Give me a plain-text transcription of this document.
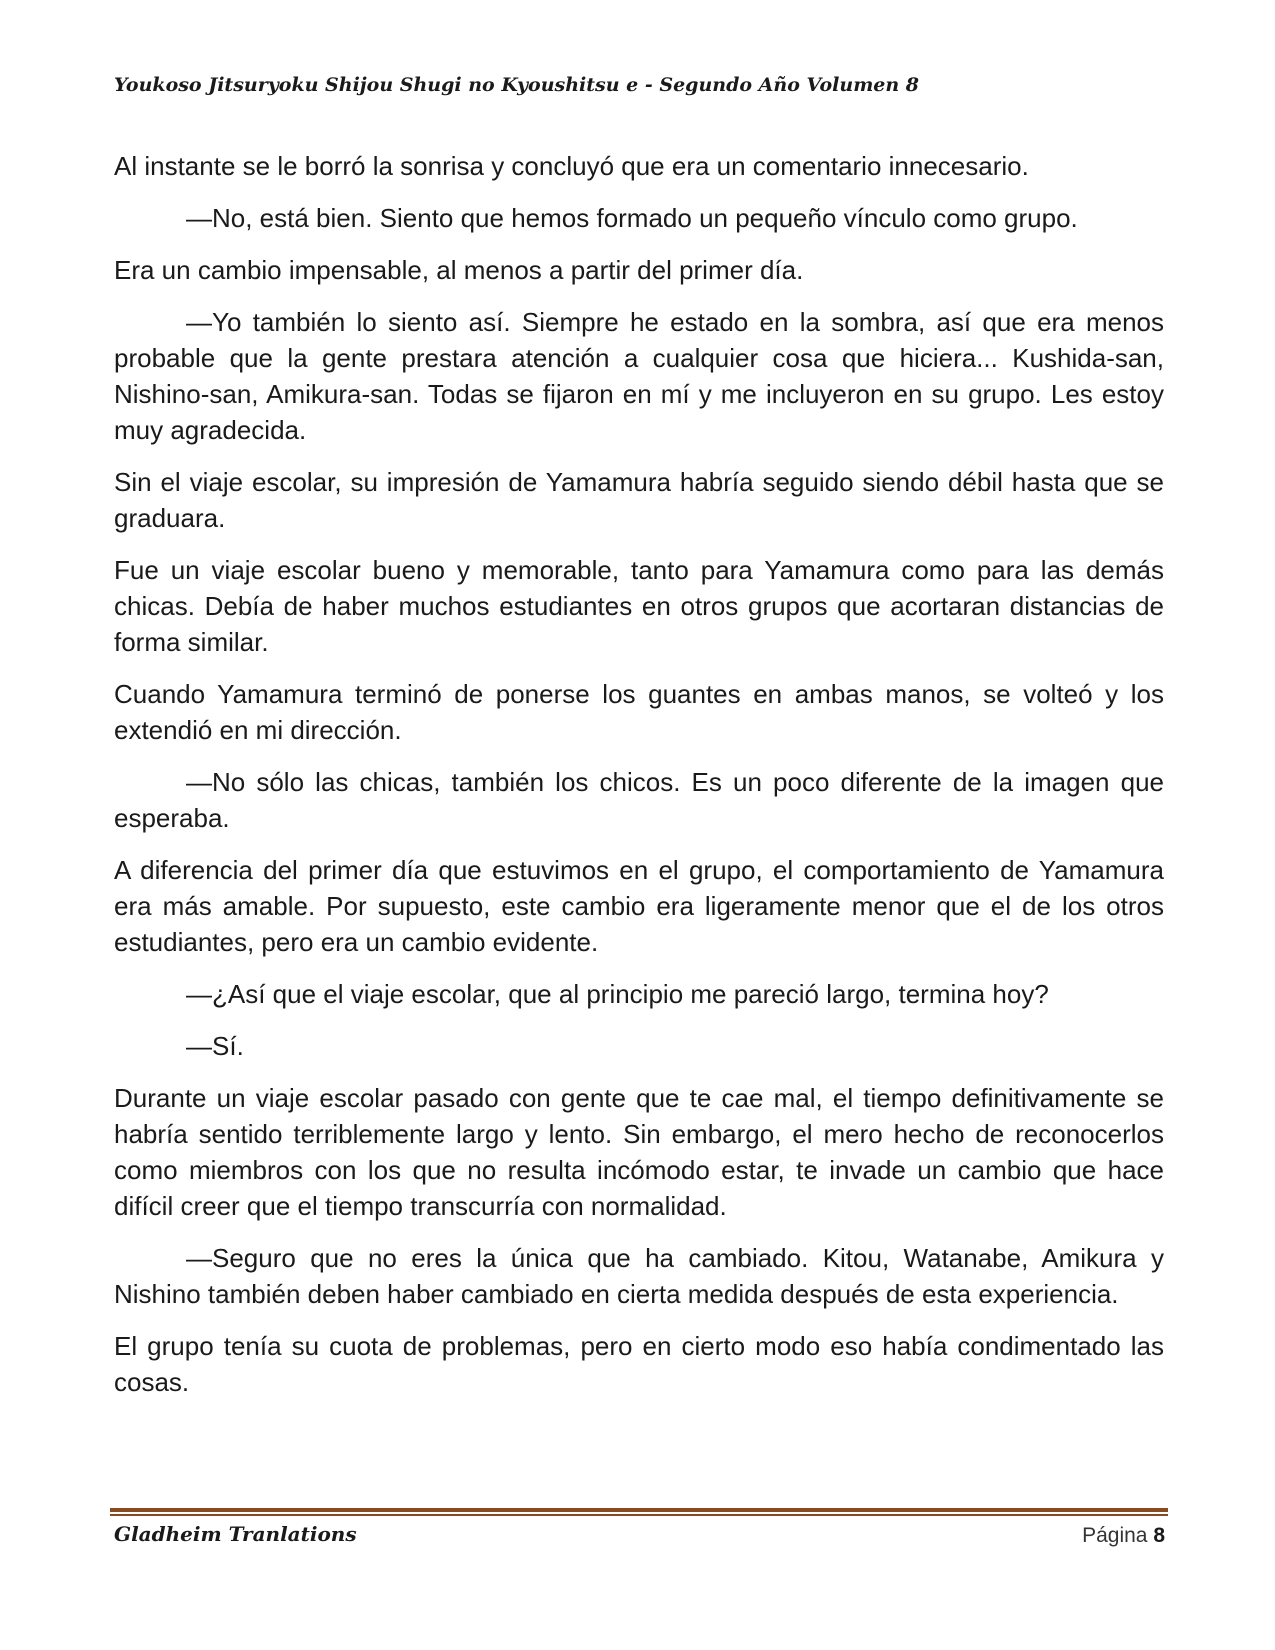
Youkoso Jitsuryoku Shijou Shugi no Kyoushitsu e - Segundo Año Volumen 8

Al instante se le borró la sonrisa y concluyó que era un comentario innecesario.

—No, está bien. Siento que hemos formado un pequeño vínculo como grupo.

Era un cambio impensable, al menos a partir del primer día.

—Yo también lo siento así. Siempre he estado en la sombra, así que era menos probable que la gente prestara atención a cualquier cosa que hiciera... Kushida-san, Nishino-san, Amikura-san. Todas se fijaron en mí y me incluyeron en su grupo. Les estoy muy agradecida.

Sin el viaje escolar, su impresión de Yamamura habría seguido siendo débil hasta que se graduara.

Fue un viaje escolar bueno y memorable, tanto para Yamamura como para las demás chicas. Debía de haber muchos estudiantes en otros grupos que acortaran distancias de forma similar.

Cuando Yamamura terminó de ponerse los guantes en ambas manos, se volteó y los extendió en mi dirección.

—No sólo las chicas, también los chicos. Es un poco diferente de la imagen que esperaba.

A diferencia del primer día que estuvimos en el grupo, el comportamiento de Yamamura era más amable. Por supuesto, este cambio era ligeramente menor que el de los otros estudiantes, pero era un cambio evidente.

—¿Así que el viaje escolar, que al principio me pareció largo, termina hoy?

—Sí.

Durante un viaje escolar pasado con gente que te cae mal, el tiempo definitivamente se habría sentido terriblemente largo y lento. Sin embargo, el mero hecho de reconocerlos como miembros con los que no resulta incómodo estar, te invade un cambio que hace difícil creer que el tiempo transcurría con normalidad.

—Seguro que no eres la única que ha cambiado. Kitou, Watanabe, Amikura y Nishino también deben haber cambiado en cierta medida después de esta experiencia.

El grupo tenía su cuota de problemas, pero en cierto modo eso había condimentado las cosas.

Gladheim Tranlations	Página 8
